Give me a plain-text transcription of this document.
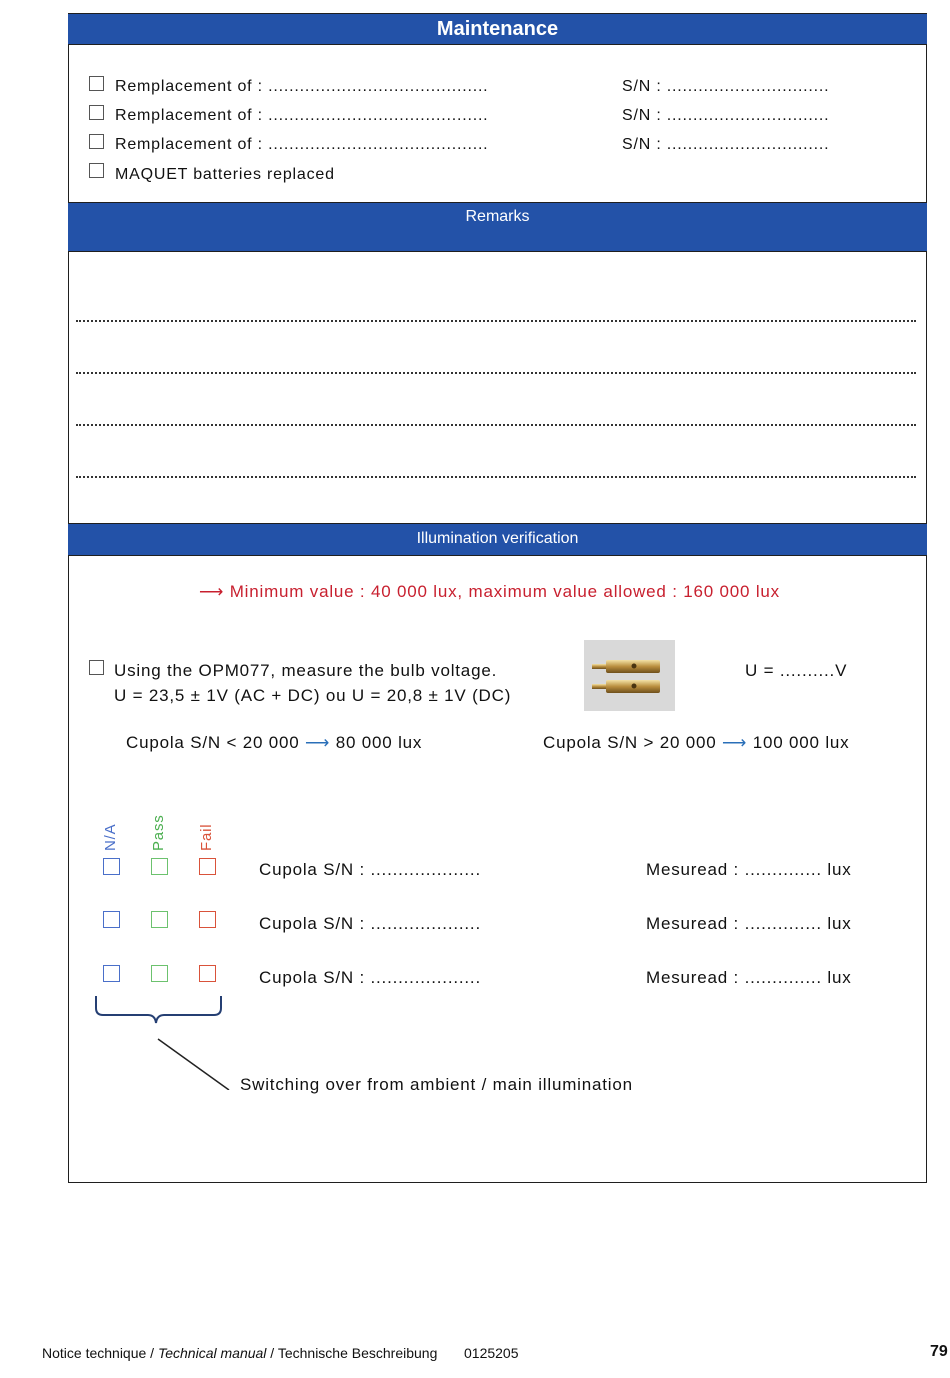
Maintenance
Remplacement of : ..........................................	S/N : ...............................
Remplacement of : ..........................................	S/N : ...............................
Remplacement of : ..........................................	S/N : ...............................
MAQUET batteries replaced
Remarks
Illumination verification
⟶ Minimum value : 40 000 lux, maximum value allowed : 160 000 lux
Using the OPM077, measure the bulb voltage.
U = 23,5 ± 1V (AC + DC) ou U = 20,8 ± 1V (DC)
U = ..........V
Cupola S/N < 20 000 ⟶ 80 000 lux	Cupola S/N > 20 000 ⟶ 100 000 lux
N/A Pass Fail
Cupola S/N : ....................	Mesuread : .............. lux
Cupola S/N : ....................	Mesuread : .............. lux
Cupola S/N : ....................	Mesuread : .............. lux
Switching over from ambient / main illumination
Notice technique / Technical manual / Technische Beschreibung 0125205	79
